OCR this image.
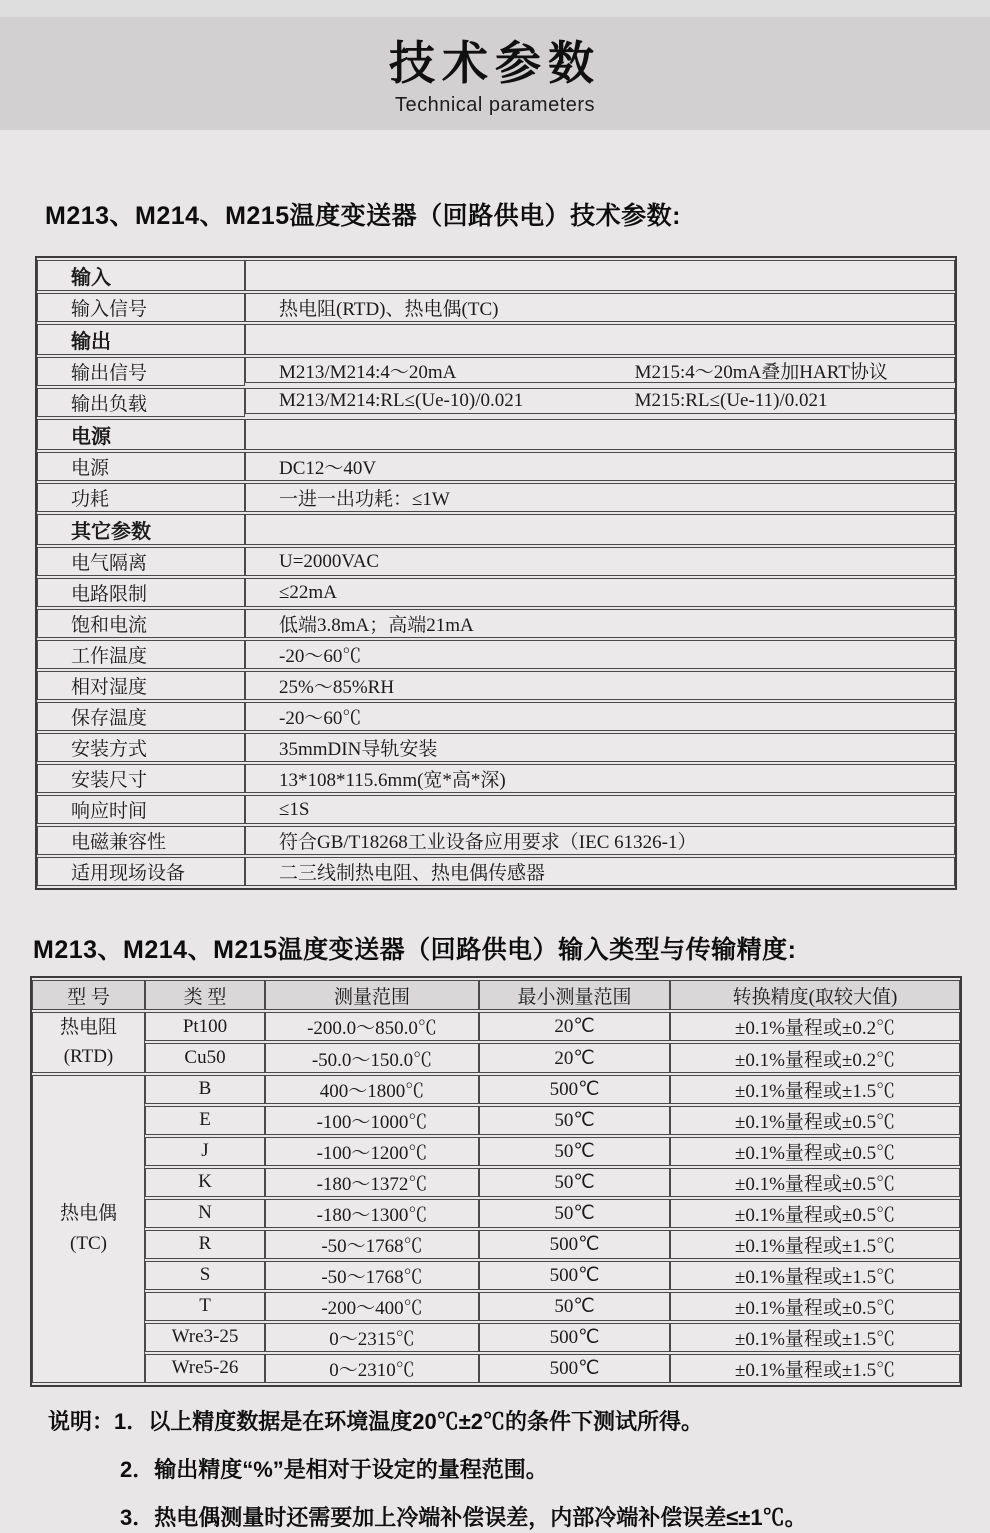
技术参数
Technical parameters
M213、M214、M215温度变送器（回路供电）技术参数:
输入	
输入信号	热电阻(RTD)、热电偶(TC)
输出	
输出信号		M213/M214:4～20mA	M215:4～20mA叠加HART协议

输出负载		M213/M214:RL≤(Ue-10)/0.021	M215:RL≤(Ue-11)/0.021

电源	
电源	DC12～40V
功耗	一进一出功耗：≤1W
其它参数	
电气隔离	U=2000VAC
电路限制	≤22mA
饱和电流	低端3.8mA；高端21mA
工作温度	-20～60℃
相对湿度	25%～85%RH
保存温度	-20～60℃
安装方式	35mmDIN导轨安装
安装尺寸	13*108*115.6mm(宽*高*深)
响应时间	≤1S
电磁兼容性	符合GB/T18268工业设备应用要求（IEC 61326-1）
适用现场设备	二三线制热电阻、热电偶传感器
M213、M214、M215温度变送器（回路供电）输入类型与传输精度:
型 号	类 型	测量范围	最小测量范围	转换精度(取较大值)

热电阻
(RTD)	Pt100	-200.0～850.0℃	20℃	±0.1%量程或±0.2℃
	Cu50	-50.0～150.0℃	20℃	±0.1%量程或±0.2℃

热电偶
(TC)	B	400～1800℃	500℃	±0.1%量程或±1.5℃
	E	-100～1000℃	50℃	±0.1%量程或±0.5℃
	J	-100～1200℃	50℃	±0.1%量程或±0.5℃
	K	-180～1372℃	50℃	±0.1%量程或±0.5℃
	N	-180～1300℃	50℃	±0.1%量程或±0.5℃
	R	-50～1768℃	500℃	±0.1%量程或±1.5℃
	S	-50～1768℃	500℃	±0.1%量程或±1.5℃
	T	-200～400℃	50℃	±0.1%量程或±0.5℃
	Wre3-25	0～2315℃	500℃	±0.1%量程或±1.5℃
	Wre5-26	0～2310℃	500℃	±0.1%量程或±1.5℃
说明：1．以上精度数据是在环境温度20℃±2℃的条件下测试所得。
2．输出精度“%”是相对于设定的量程范围。
3．热电偶测量时还需要加上冷端补偿误差，内部冷端补偿误差≤±1℃。
